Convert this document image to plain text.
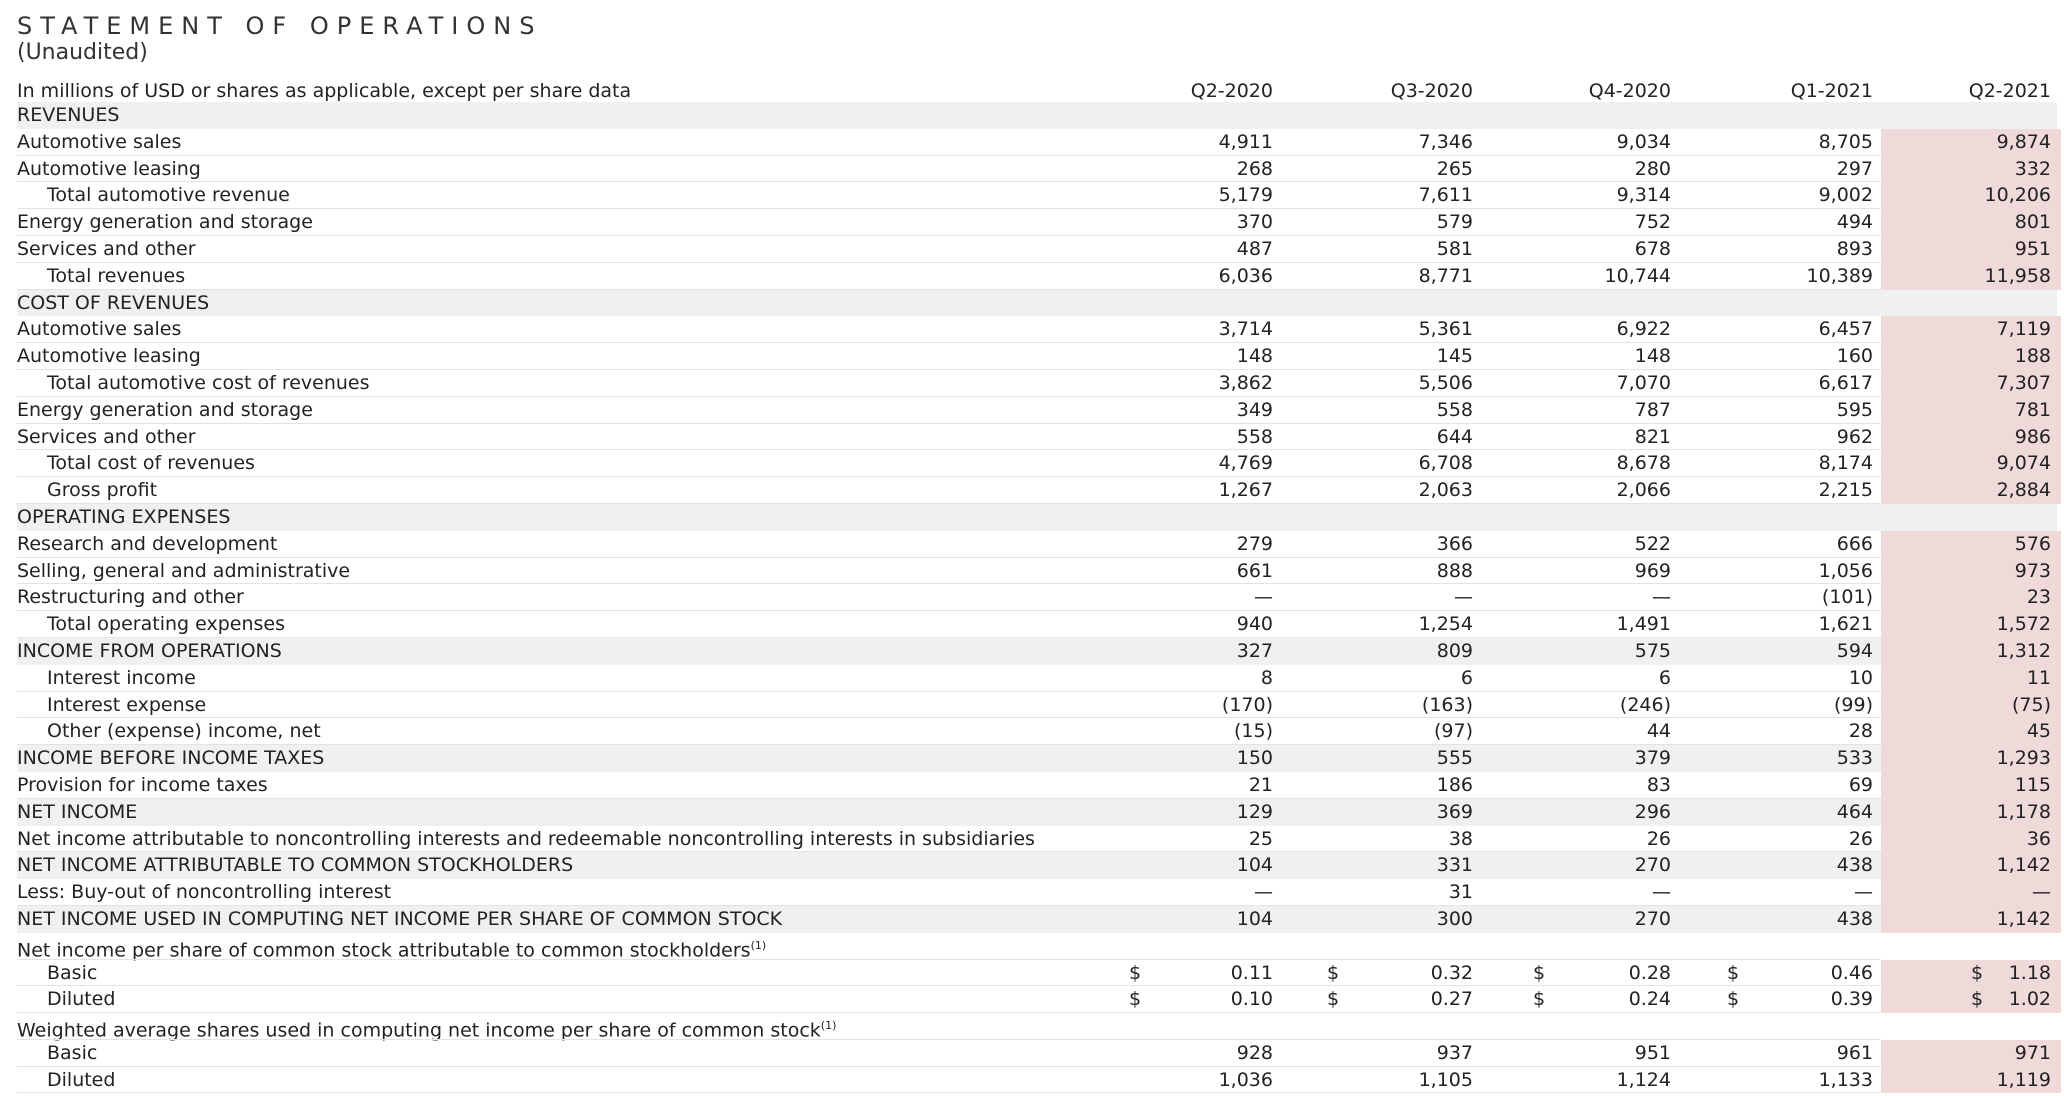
STATEMENT OF OPERATIONS
(Unaudited)
In millions of USD or shares as applicable, except per share data	Q2-2020	Q3-2020	Q4-2020	Q1-2021	Q2-2021
REVENUES
Automotive sales	4,911	7,346	9,034	8,705	9,874
Automotive leasing	268	265	280	297	332
Total automotive revenue	5,179	7,611	9,314	9,002	10,206
Energy generation and storage	370	579	752	494	801
Services and other	487	581	678	893	951
Total revenues	6,036	8,771	10,744	10,389	11,958
COST OF REVENUES
Automotive sales	3,714	5,361	6,922	6,457	7,119
Automotive leasing	148	145	148	160	188
Total automotive cost of revenues	3,862	5,506	7,070	6,617	7,307
Energy generation and storage	349	558	787	595	781
Services and other	558	644	821	962	986
Total cost of revenues	4,769	6,708	8,678	8,174	9,074
Gross profit	1,267	2,063	2,066	2,215	2,884
OPERATING EXPENSES
Research and development	279	366	522	666	576
Selling, general and administrative	661	888	969	1,056	973
Restructuring and other	—	—	—	(101)	23
Total operating expenses	940	1,254	1,491	1,621	1,572
INCOME FROM OPERATIONS	327	809	575	594	1,312
Interest income	8	6	6	10	11
Interest expense	(170)	(163)	(246)	(99)	(75)
Other (expense) income, net	(15)	(97)	44	28	45
INCOME BEFORE INCOME TAXES	150	555	379	533	1,293
Provision for income taxes	21	186	83	69	115
NET INCOME	129	369	296	464	1,178
Net income attributable to noncontrolling interests and redeemable noncontrolling interests in subsidiaries	25	38	26	26	36
NET INCOME ATTRIBUTABLE TO COMMON STOCKHOLDERS	104	331	270	438	1,142
Less: Buy-out of noncontrolling interest	—	31	—	—	—
NET INCOME USED IN COMPUTING NET INCOME PER SHARE OF COMMON STOCK	104	300	270	438	1,142
Net income per share of common stock attributable to common stockholders$^{(1)}$
Basic	$	0.11	$	0.32	$	0.28	$	0.46	$ 1.18
Diluted	$	0.10	$	0.27	$	0.24	$	0.39	$ 1.02
Weighted average shares used in computing net income per share of common stock$^{(1)}$
Basic	928	937	951	961	971
Diluted	1,036	1,105	1,124	1,133	1,119
